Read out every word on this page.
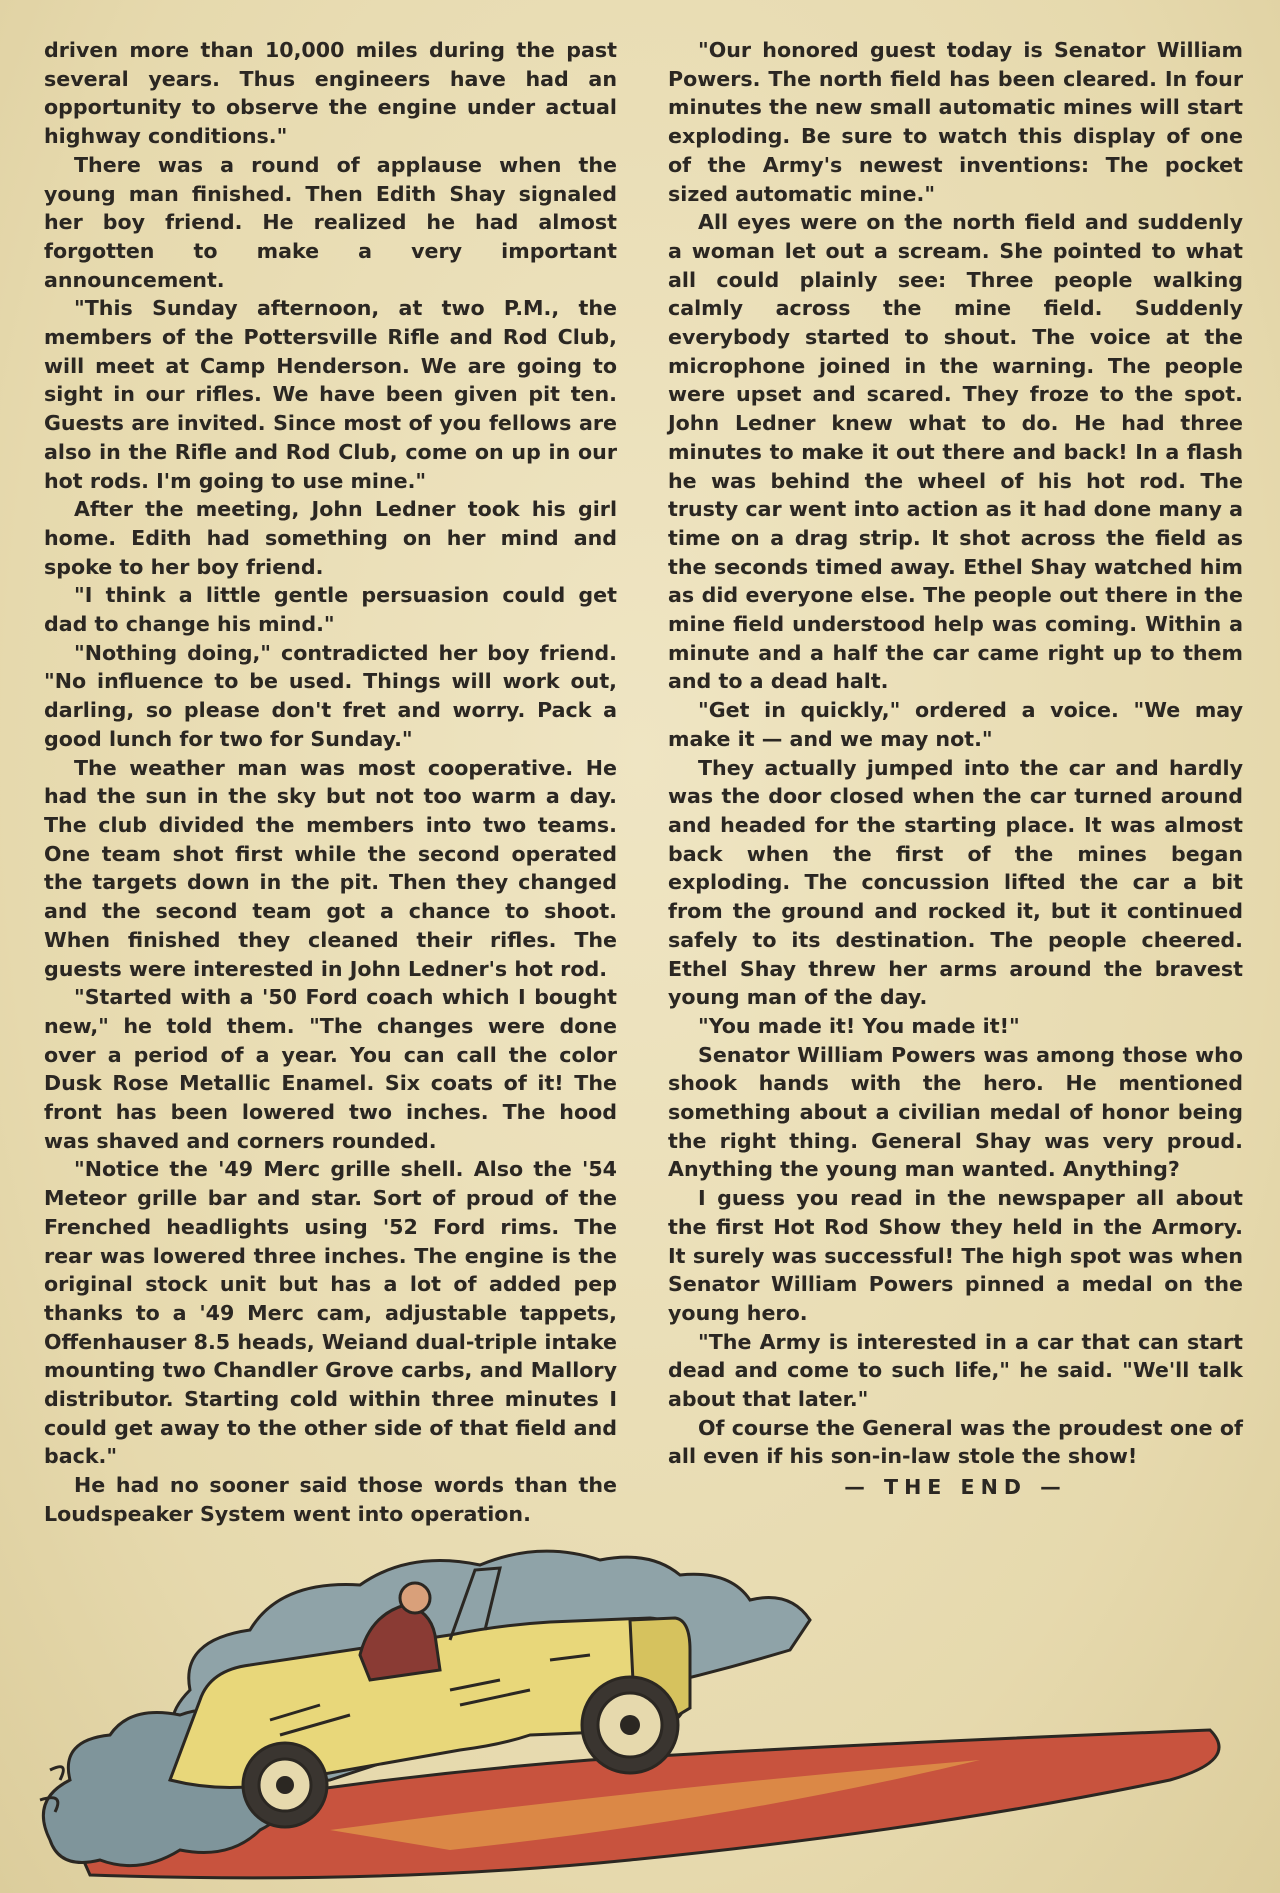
driven more than 10,000 miles during the past several years. Thus engineers have had an opportunity to observe the engine under actual highway conditions."

There was a round of applause when the young man finished. Then Edith Shay signaled her boy friend. He realized he had almost forgotten to make a very important announcement.

"This Sunday afternoon, at two P.M., the members of the Pottersville Rifle and Rod Club, will meet at Camp Henderson. We are going to sight in our rifles. We have been given pit ten. Guests are invited. Since most of you fellows are also in the Rifle and Rod Club, come on up in our hot rods. I'm going to use mine."

After the meeting, John Ledner took his girl home. Edith had something on her mind and spoke to her boy friend.

"I think a little gentle persuasion could get dad to change his mind."

"Nothing doing," contradicted her boy friend. "No influence to be used. Things will work out, darling, so please don't fret and worry. Pack a good lunch for two for Sunday."

The weather man was most cooperative. He had the sun in the sky but not too warm a day. The club divided the members into two teams. One team shot first while the second operated the targets down in the pit. Then they changed and the second team got a chance to shoot. When finished they cleaned their rifles. The guests were interested in John Ledner's hot rod.

"Started with a '50 Ford coach which I bought new," he told them. "The changes were done over a period of a year. You can call the color Dusk Rose Metallic Enamel. Six coats of it! The front has been lowered two inches. The hood was shaved and corners rounded.

"Notice the '49 Merc grille shell. Also the '54 Meteor grille bar and star. Sort of proud of the Frenched headlights using '52 Ford rims. The rear was lowered three inches. The engine is the original stock unit but has a lot of added pep thanks to a '49 Merc cam, adjustable tappets, Offenhauser 8.5 heads, Weiand dual-triple intake mounting two Chandler Grove carbs, and Mallory distributor. Starting cold within three minutes I could get away to the other side of that field and back."

He had no sooner said those words than the Loudspeaker System went into operation.

"Our honored guest today is Senator William Powers. The north field has been cleared. In four minutes the new small automatic mines will start exploding. Be sure to watch this display of one of the Army's newest inventions: The pocket sized automatic mine."

All eyes were on the north field and suddenly a woman let out a scream. She pointed to what all could plainly see: Three people walking calmly across the mine field. Suddenly everybody started to shout. The voice at the microphone joined in the warning. The people were upset and scared. They froze to the spot. John Ledner knew what to do. He had three minutes to make it out there and back! In a flash he was behind the wheel of his hot rod. The trusty car went into action as it had done many a time on a drag strip. It shot across the field as the seconds timed away. Ethel Shay watched him as did everyone else. The people out there in the mine field understood help was coming. Within a minute and a half the car came right up to them and to a dead halt.

"Get in quickly," ordered a voice. "We may make it — and we may not."

They actually jumped into the car and hardly was the door closed when the car turned around and headed for the starting place. It was almost back when the first of the mines began exploding. The concussion lifted the car a bit from the ground and rocked it, but it continued safely to its destination. The people cheered. Ethel Shay threw her arms around the bravest young man of the day.

"You made it! You made it!"

Senator William Powers was among those who shook hands with the hero. He mentioned something about a civilian medal of honor being the right thing. General Shay was very proud. Anything the young man wanted. Anything?

I guess you read in the newspaper all about the first Hot Rod Show they held in the Armory. It surely was successful! The high spot was when Senator William Powers pinned a medal on the young hero.

"The Army is interested in a car that can start dead and come to such life," he said. "We'll talk about that later."

Of course the General was the proudest one of all even if his son-in-law stole the show!

— THE END —
